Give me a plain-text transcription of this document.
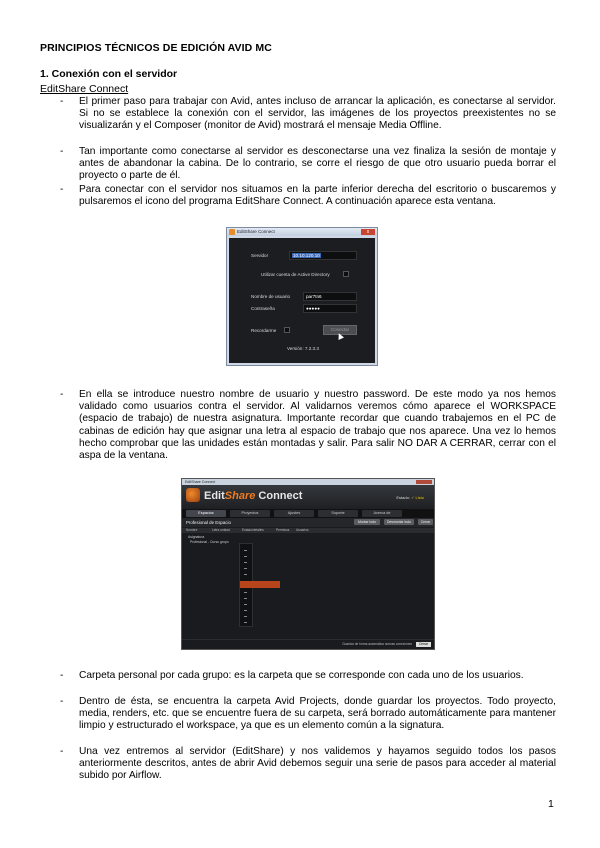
PRINCIPIOS TÉCNICOS DE EDICIÓN AVID MC
1. Conexión con el servidor
EditShare Connect
- El primer paso para trabajar con Avid, antes incluso de arrancar la aplicación, es conectarse al servidor. Si no se establece la conexión con el servidor, las imágenes de los proyectos preexistentes no se visualizarán y el Composer (monitor de Avid) mostrará el mensaje Media Offline.
- Tan importante como conectarse al servidor es desconectarse una vez finaliza la sesión de montaje y antes de abandonar la cabina. De lo contrario, se corre el riesgo de que otro usuario pueda borrar el proyecto o parte de él.
- Para conectar con el servidor nos situamos en la parte inferior derecha del escritorio o buscaremos y pulsaremos el icono del programa EditShare Connect. A continuación aparece esta ventana.
EditShare Connect	x
Servidor	10.10.120.10
Utilizar cuenta de Active Directory
Nombre de usuario	par7tn6
Contraseña	●●●●●
Recordarme	Conectar
Versión: 7.2.3.3
- En ella se introduce nuestro nombre de usuario y nuestro password. De este modo ya nos hemos validado como usuarios contra el servidor. Al validarnos veremos cómo aparece el WORKSPACE (espacio de trabajo) de nuestra asignatura. Importante recordar que cuando trabajemos en el PC de cabinas de edición hay que asignar una letra al espacio de trabajo que nos aparece. Una vez lo hemos hecho comprobar que las unidades están montadas y salir. Para salir NO DAR A CERRAR, cerrar con el aspa de la ventana.
EditShare Connect
EditShare Connect	Estado: ✓ Listo
Espacios	Proyectos	Ajustes	Soporte	Acerca de
Profesional de Espacio	Montar todo	Desmontar todo	Cerrar
Nombre	Letra unidad	Estado/detalles	Permisos Usuarios
Asignatura
Profesional - Curso grupo
Guardar de forma automática nuevas conexiones	Cerrar
- Carpeta personal por cada grupo: es la carpeta que se corresponde con cada uno de los usuarios.
- Dentro de ésta, se encuentra la carpeta Avid Projects, donde guardar los proyectos. Todo proyecto, media, renders, etc. que se encuentre fuera de su carpeta, será borrado automáticamente para mantener limpio y estructurado el workspace, ya que es un elemento común a la signatura.
- Una vez entremos al servidor (EditShare) y nos validemos y hayamos seguido todos los pasos anteriormente descritos, antes de abrir Avid debemos seguir una serie de pasos para acceder al material subido por Airflow.
1
